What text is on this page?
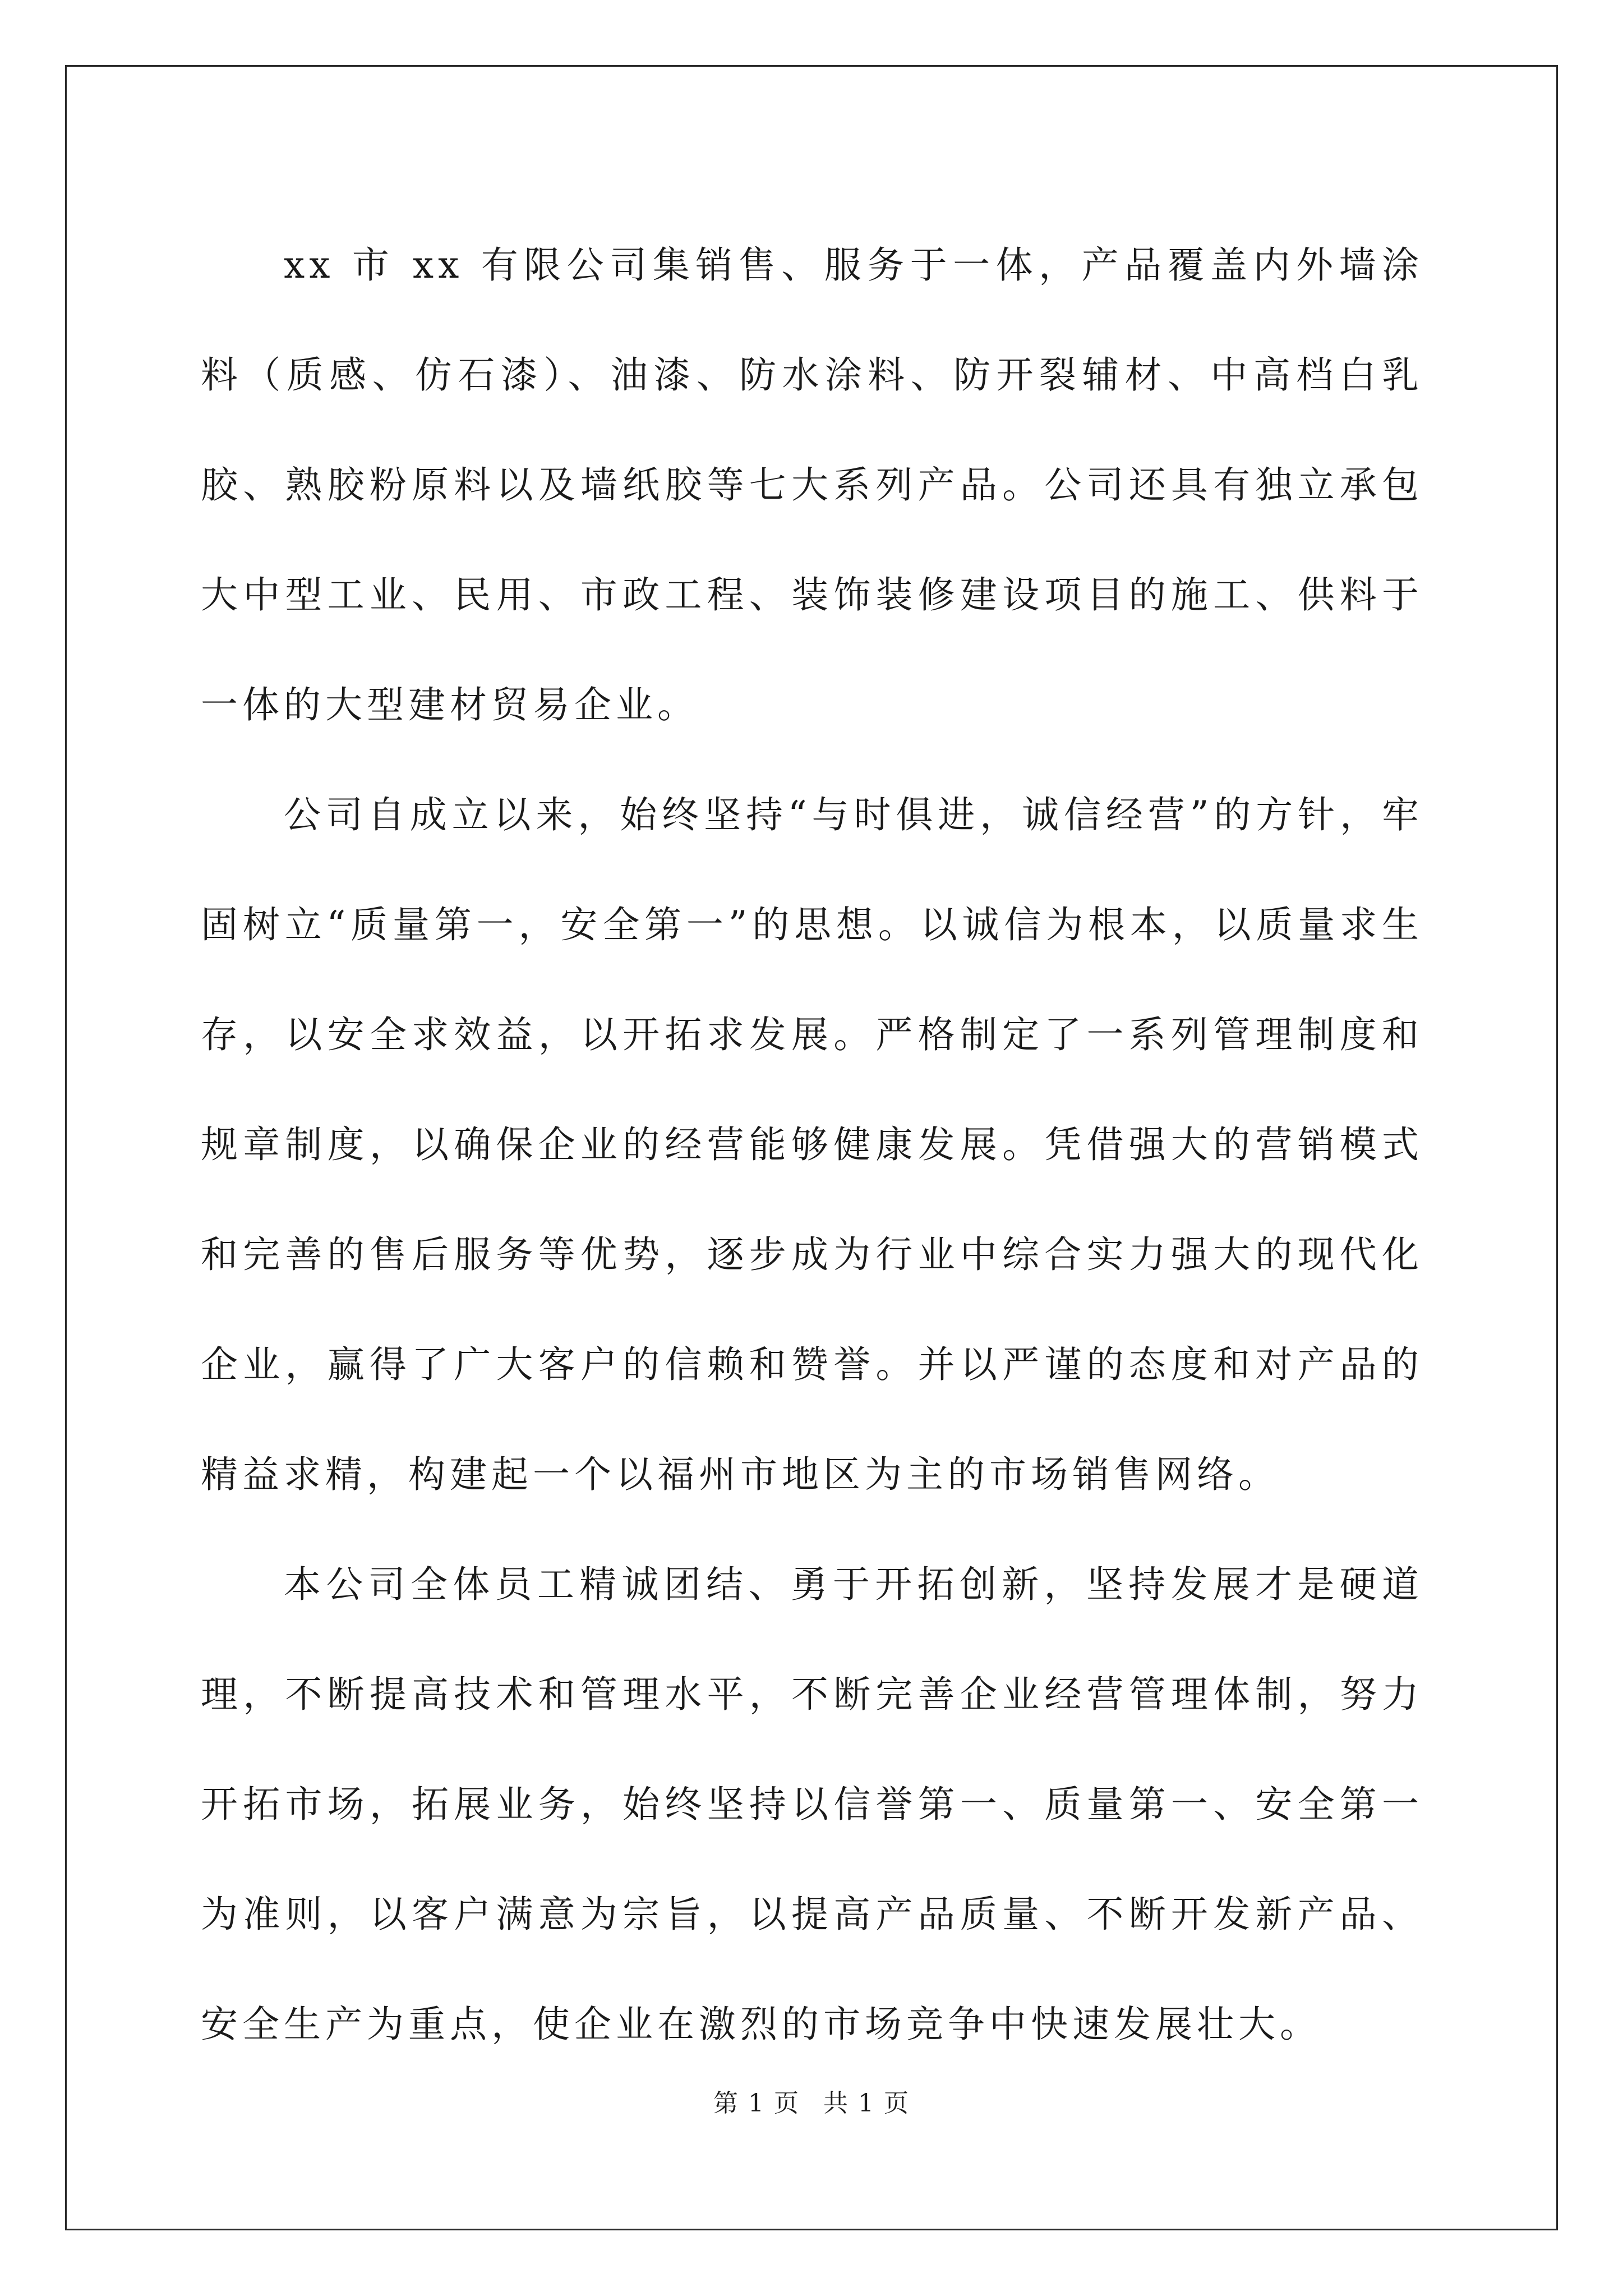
xx 市 xx 有限公司集销售、服务于一体，产品覆盖内外墙涂料（质感、仿石漆）、油漆、防水涂料、防开裂辅材、中高档白乳胶、熟胶粉原料以及墙纸胶等七大系列产品。公司还具有独立承包大中型工业、民用、市政工程、装饰装修建设项目的施工、供料于一体的大型建材贸易企业。

公司自成立以来，始终坚持“与时俱进，诚信经营”的方针，牢固树立“质量第一，安全第一”的思想。以诚信为根本，以质量求生存，以安全求效益，以开拓求发展。严格制定了一系列管理制度和规章制度，以确保企业的经营能够健康发展。凭借强大的营销模式和完善的售后服务等优势，逐步成为行业中综合实力强大的现代化企业，赢得了广大客户的信赖和赞誉。并以严谨的态度和对产品的精益求精，构建起一个以福州市地区为主的市场销售网络。

本公司全体员工精诚团结、勇于开拓创新，坚持发展才是硬道理，不断提高技术和管理水平，不断完善企业经营管理体制，努力开拓市场，拓展业务，始终坚持以信誉第一、质量第一、安全第一为准则，以客户满意为宗旨，以提高产品质量、不断开发新产品、安全生产为重点，使企业在激烈的市场竞争中快速发展壮大。

第 1 页 共 1 页
